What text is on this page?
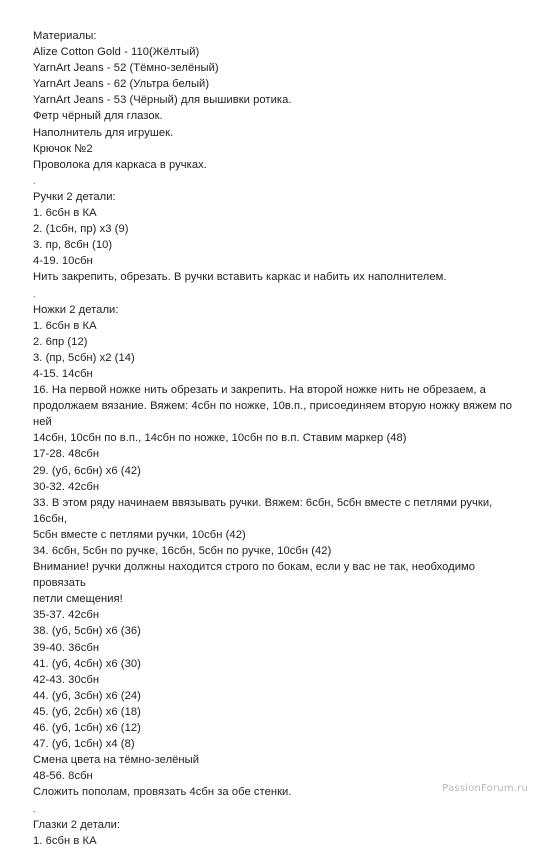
Материалы:
Alize Cotton Gold - 110(Жёлтый)
YarnArt Jeans - 52 (Тёмно-зелёный)
YarnArt Jeans - 62 (Ультра белый)
YarnArt Jeans - 53 (Чёрный) для вышивки ротика.
Фетр чёрный для глазок.
Наполнитель для игрушек.
Крючок №2
Проволока для каркаса в ручках.
.
Ручки 2 детали:
1. 6сбн в КА
2. (1сбн, пр) х3 (9)
3. пр, 8сбн (10)
4-19. 10сбн
Нить закрепить, обрезать. В ручки вставить каркас и набить их наполнителем.
.
Ножки 2 детали:
1. 6сбн в КА
2. 6пр (12)
3. (пр, 5сбн) х2 (14)
4-15. 14сбн
16. На первой ножке нить обрезать и закрепить. На второй ножке нить не обрезаем, а
продолжаем вязание. Вяжем: 4сбн по ножке, 10в.п., присоединяем вторую ножку вяжем по ней
14сбн, 10сбн по в.п., 14сбн по ножке, 10сбн по в.п. Ставим маркер (48)
17-28. 48сбн
29. (уб, 6сбн) х6 (42)
30-32. 42сбн
33. В этом ряду начинаем ввязывать ручки. Вяжем: 6сбн, 5сбн вместе с петлями ручки, 16сбн,
5сбн вместе с петлями ручки, 10сбн (42)
34. 6сбн, 5сбн по ручке, 16сбн, 5сбн по ручке, 10сбн (42)
Внимание! ручки должны находится строго по бокам, если у вас не так, необходимо провязать
петли смещения!
35-37. 42сбн
38. (уб, 5сбн) х6 (36)
39-40. 36сбн
41. (уб, 4сбн) х6 (30)
42-43. 30сбн
44. (уб, 3сбн) х6 (24)
45. (уб, 2сбн) х6 (18)
46. (уб, 1сбн) х6 (12)
47. (уб, 1сбн) х4 (8)
Смена цвета на тёмно-зелёный
48-56. 8сбн
Сложить пополам, провязать 4сбн за обе стенки.
.
Глазки 2 детали:
1. 6сбн в КА
PassionForum.ru
